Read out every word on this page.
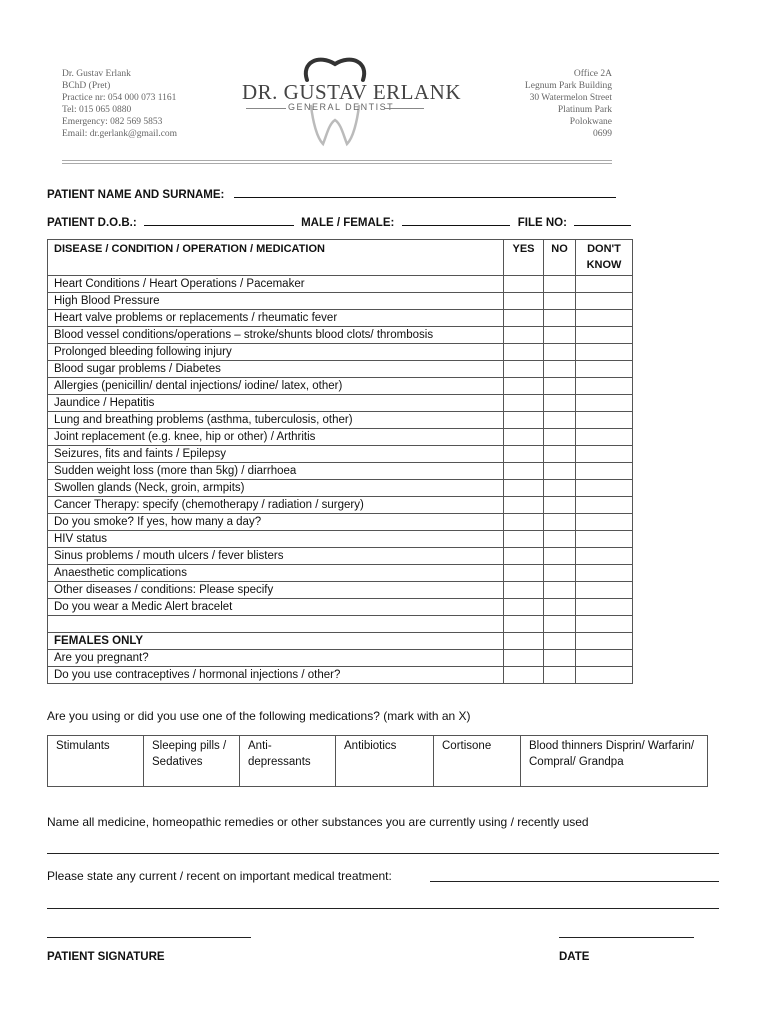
Dr. Gustav Erlank
BChD (Pret)
Practice nr: 054 000 073 1161
Tel: 015 065 0880
Emergency: 082 569 5853
Email: dr.gerlank@gmail.com
DR. GUSTAV ERLANK
GENERAL DENTIST
Office 2A
Legnum Park Building
30 Watermelon Street
Platinum Park
Polokwane
0699
PATIENT NAME AND SURNAME:
PATIENT D.O.B.:	MALE / FEMALE:	FILE NO:
DISEASE / CONDITION / OPERATION / MEDICATION	YES	NO	DON'T KNOW
Heart Conditions / Heart Operations / Pacemaker			
High Blood Pressure			
Heart valve problems or replacements / rheumatic fever			
Blood vessel conditions/operations – stroke/shunts blood clots/ thrombosis			
Prolonged bleeding following injury			
Blood sugar problems / Diabetes			
Allergies (penicillin/ dental injections/ iodine/ latex, other)			
Jaundice / Hepatitis			
Lung and breathing problems (asthma, tuberculosis, other)			
Joint replacement (e.g. knee, hip or other) / Arthritis			
Seizures, fits and faints / Epilepsy			
Sudden weight loss (more than 5kg) / diarrhoea			
Swollen glands (Neck, groin, armpits)			
Cancer Therapy: specify (chemotherapy / radiation / surgery)			
Do you smoke? If yes, how many a day?			
HIV status			
Sinus problems / mouth ulcers / fever blisters			
Anaesthetic complications			
Other diseases / conditions: Please specify			
Do you wear a Medic Alert bracelet			

FEMALES ONLY			
Are you pregnant?			
Do you use contraceptives / hormonal injections / other?			
Are you using or did you use one of the following medications? (mark with an X)
Stimulants	Sleeping pills / Sedatives	Anti-depressants	Antibiotics	Cortisone	Blood thinners Disprin/ Warfarin/ Compral/ Grandpa
Name all medicine, homeopathic remedies or other substances you are currently using / recently used
Please state any current / recent on important medical treatment:
PATIENT SIGNATURE	DATE
